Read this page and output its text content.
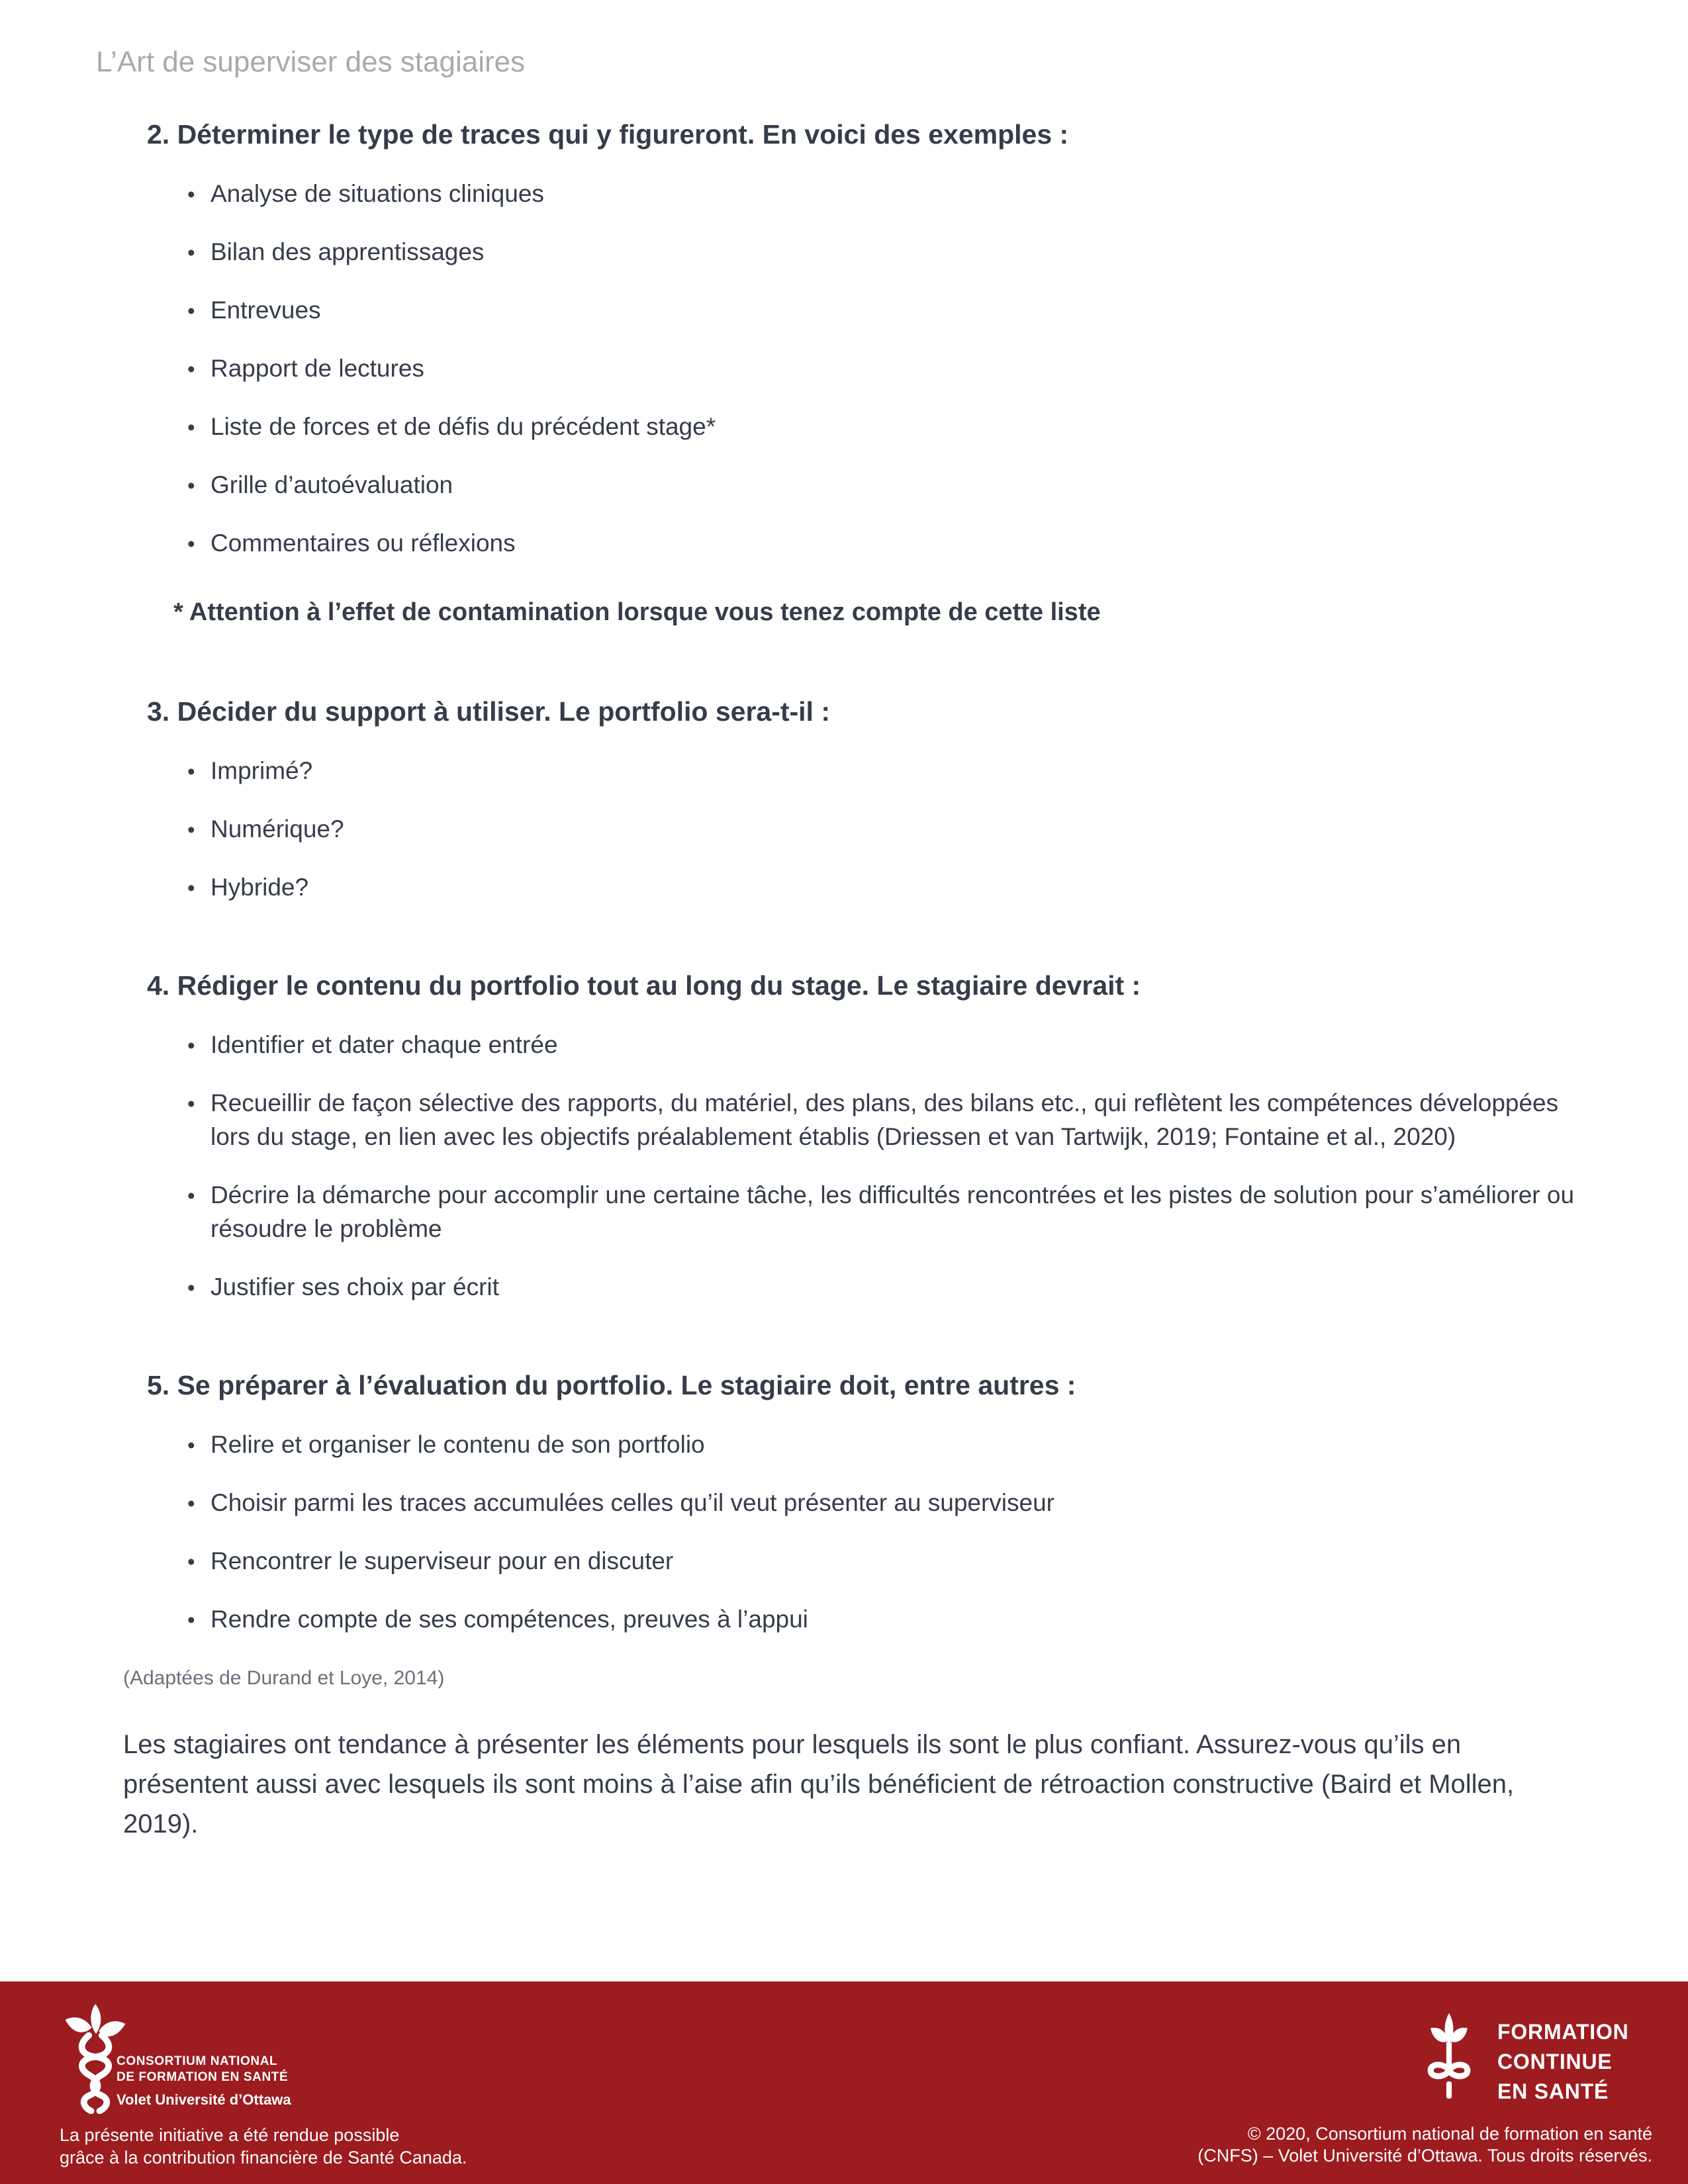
L’Art de superviser des stagiaires
2. Déterminer le type de traces qui y figureront. En voici des exemples :
• Analyse de situations cliniques
• Bilan des apprentissages
• Entrevues
• Rapport de lectures
• Liste de forces et de défis du précédent stage*
• Grille d’autoévaluation
• Commentaires ou réflexions
* Attention à l’effet de contamination lorsque vous tenez compte de cette liste
3. Décider du support à utiliser. Le portfolio sera-t-il :
• Imprimé?
• Numérique?
• Hybride?
4. Rédiger le contenu du portfolio tout au long du stage. Le stagiaire devrait :
• Identifier et dater chaque entrée
• Recueillir de façon sélective des rapports, du matériel, des plans, des bilans etc., qui reflètent les compétences développées lors du stage, en lien avec les objectifs préalablement établis (Driessen et van Tartwijk, 2019; Fontaine et al., 2020)
• Décrire la démarche pour accomplir une certaine tâche, les difficultés rencontrées et les pistes de solution pour s’améliorer ou résoudre le problème
• Justifier ses choix par écrit
5. Se préparer à l’évaluation du portfolio. Le stagiaire doit, entre autres :
• Relire et organiser le contenu de son portfolio
• Choisir parmi les traces accumulées celles qu’il veut présenter au superviseur
• Rencontrer le superviseur pour en discuter
• Rendre compte de ses compétences, preuves à l’appui
(Adaptées de Durand et Loye, 2014)

Les stagiaires ont tendance à présenter les éléments pour lesquels ils sont le plus confiant. Assurez-vous qu’ils en présentent aussi avec lesquels ils sont moins à l’aise afin qu’ils bénéficient de rétroaction constructive (Baird et Mollen, 2019).

CONSORTIUM NATIONAL
DE FORMATION EN SANTÉ
Volet Université d’Ottawa
La présente initiative a été rendue possible
grâce à la contribution financière de Santé Canada.
FORMATION
CONTINUE
EN SANTÉ
© 2020, Consortium national de formation en santé
(CNFS) – Volet Université d’Ottawa. Tous droits réservés.
